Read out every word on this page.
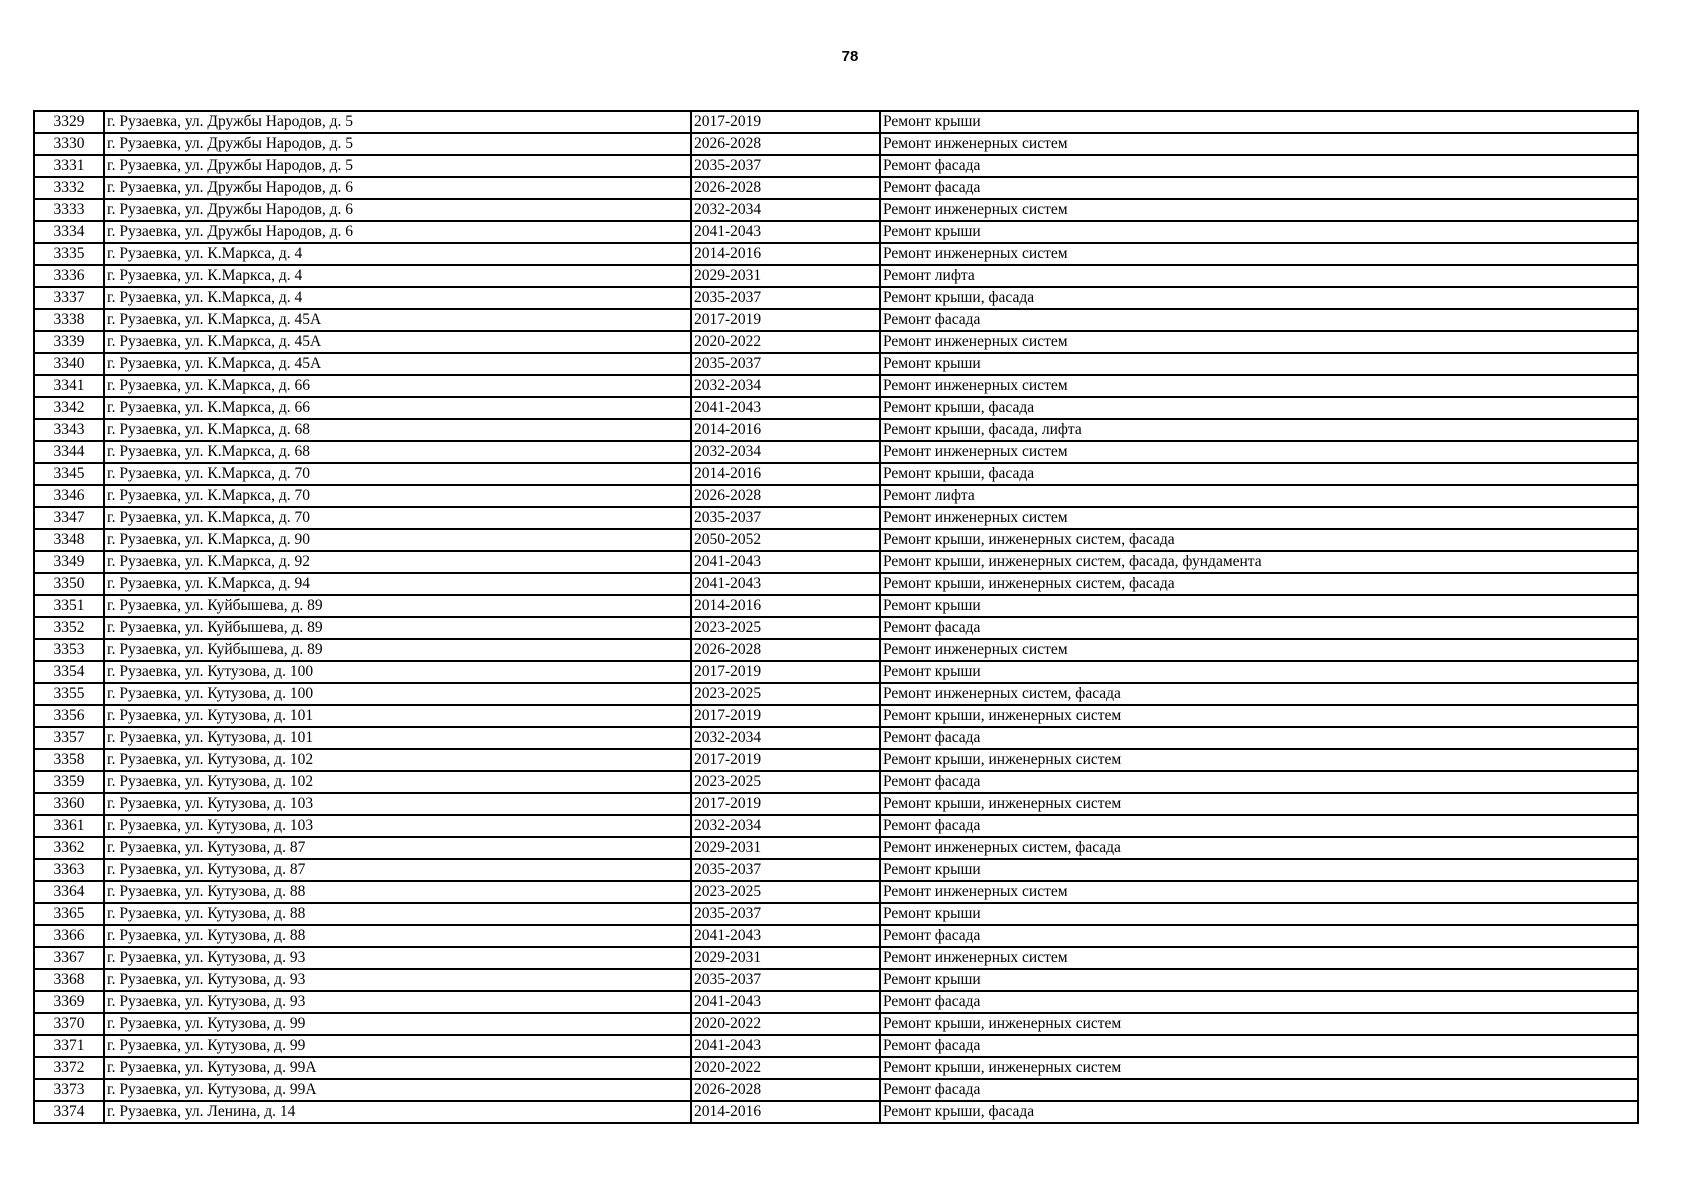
78
3329	г. Рузаевка, ул. Дружбы Народов, д. 5	2017-2019	Ремонт крыши
3330	г. Рузаевка, ул. Дружбы Народов, д. 5	2026-2028	Ремонт инженерных систем
3331	г. Рузаевка, ул. Дружбы Народов, д. 5	2035-2037	Ремонт фасада
3332	г. Рузаевка, ул. Дружбы Народов, д. 6	2026-2028	Ремонт фасада
3333	г. Рузаевка, ул. Дружбы Народов, д. 6	2032-2034	Ремонт инженерных систем
3334	г. Рузаевка, ул. Дружбы Народов, д. 6	2041-2043	Ремонт крыши
3335	г. Рузаевка, ул. К.Маркса, д. 4	2014-2016	Ремонт инженерных систем
3336	г. Рузаевка, ул. К.Маркса, д. 4	2029-2031	Ремонт лифта
3337	г. Рузаевка, ул. К.Маркса, д. 4	2035-2037	Ремонт крыши, фасада
3338	г. Рузаевка, ул. К.Маркса, д. 45А	2017-2019	Ремонт фасада
3339	г. Рузаевка, ул. К.Маркса, д. 45А	2020-2022	Ремонт инженерных систем
3340	г. Рузаевка, ул. К.Маркса, д. 45А	2035-2037	Ремонт крыши
3341	г. Рузаевка, ул. К.Маркса, д. 66	2032-2034	Ремонт инженерных систем
3342	г. Рузаевка, ул. К.Маркса, д. 66	2041-2043	Ремонт крыши, фасада
3343	г. Рузаевка, ул. К.Маркса, д. 68	2014-2016	Ремонт крыши, фасада, лифта
3344	г. Рузаевка, ул. К.Маркса, д. 68	2032-2034	Ремонт инженерных систем
3345	г. Рузаевка, ул. К.Маркса, д. 70	2014-2016	Ремонт крыши, фасада
3346	г. Рузаевка, ул. К.Маркса, д. 70	2026-2028	Ремонт лифта
3347	г. Рузаевка, ул. К.Маркса, д. 70	2035-2037	Ремонт инженерных систем
3348	г. Рузаевка, ул. К.Маркса, д. 90	2050-2052	Ремонт крыши, инженерных систем, фасада
3349	г. Рузаевка, ул. К.Маркса, д. 92	2041-2043	Ремонт крыши, инженерных систем, фасада, фундамента
3350	г. Рузаевка, ул. К.Маркса, д. 94	2041-2043	Ремонт крыши, инженерных систем, фасада
3351	г. Рузаевка, ул. Куйбышева, д. 89	2014-2016	Ремонт крыши
3352	г. Рузаевка, ул. Куйбышева, д. 89	2023-2025	Ремонт фасада
3353	г. Рузаевка, ул. Куйбышева, д. 89	2026-2028	Ремонт инженерных систем
3354	г. Рузаевка, ул. Кутузова, д. 100	2017-2019	Ремонт крыши
3355	г. Рузаевка, ул. Кутузова, д. 100	2023-2025	Ремонт инженерных систем, фасада
3356	г. Рузаевка, ул. Кутузова, д. 101	2017-2019	Ремонт крыши, инженерных систем
3357	г. Рузаевка, ул. Кутузова, д. 101	2032-2034	Ремонт фасада
3358	г. Рузаевка, ул. Кутузова, д. 102	2017-2019	Ремонт крыши, инженерных систем
3359	г. Рузаевка, ул. Кутузова, д. 102	2023-2025	Ремонт фасада
3360	г. Рузаевка, ул. Кутузова, д. 103	2017-2019	Ремонт крыши, инженерных систем
3361	г. Рузаевка, ул. Кутузова, д. 103	2032-2034	Ремонт фасада
3362	г. Рузаевка, ул. Кутузова, д. 87	2029-2031	Ремонт инженерных систем, фасада
3363	г. Рузаевка, ул. Кутузова, д. 87	2035-2037	Ремонт крыши
3364	г. Рузаевка, ул. Кутузова, д. 88	2023-2025	Ремонт инженерных систем
3365	г. Рузаевка, ул. Кутузова, д. 88	2035-2037	Ремонт крыши
3366	г. Рузаевка, ул. Кутузова, д. 88	2041-2043	Ремонт фасада
3367	г. Рузаевка, ул. Кутузова, д. 93	2029-2031	Ремонт инженерных систем
3368	г. Рузаевка, ул. Кутузова, д. 93	2035-2037	Ремонт крыши
3369	г. Рузаевка, ул. Кутузова, д. 93	2041-2043	Ремонт фасада
3370	г. Рузаевка, ул. Кутузова, д. 99	2020-2022	Ремонт крыши, инженерных систем
3371	г. Рузаевка, ул. Кутузова, д. 99	2041-2043	Ремонт фасада
3372	г. Рузаевка, ул. Кутузова, д. 99А	2020-2022	Ремонт крыши, инженерных систем
3373	г. Рузаевка, ул. Кутузова, д. 99А	2026-2028	Ремонт фасада
3374	г. Рузаевка, ул. Ленина, д. 14	2014-2016	Ремонт крыши, фасада
